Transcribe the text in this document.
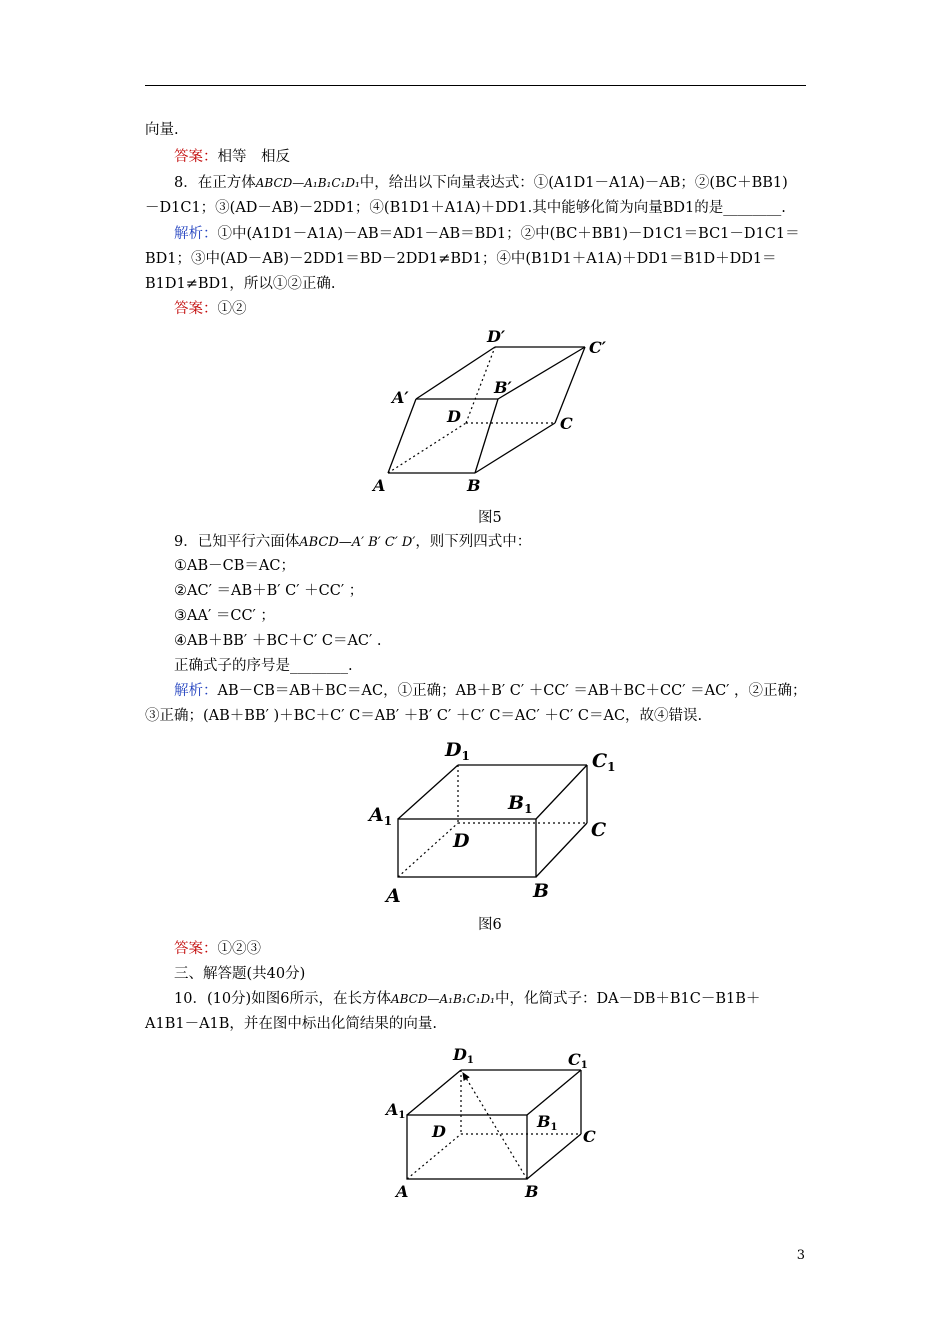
向量.
答案：相等　相反
8．在正方体ABCD—A₁B₁C₁D₁中，给出以下向量表达式：①(A1D1－A1A)－AB；②(BC＋BB1)
－D1C1；③(AD－AB)－2DD1；④(B1D1＋A1A)＋DD1.其中能够化简为向量BD1的是________.
解析：①中(A1D1－A1A)－AB＝AD1－AB＝BD1；②中(BC＋BB1)－D1C1＝BC1－D1C1＝
BD1；③中(AD－AB)－2DD1＝BD－2DD1≠BD1；④中(B1D1＋A1A)＋DD1＝B1D＋DD1＝
B1D1≠BD1，所以①②正确.
答案：①②
A	B
C
D
A′
B′
C′
D′
图5
9．已知平行六面体ABCD—A′ B′ C′ D′，则下列四式中：
①AB－CB＝AC；
②AC′ ＝AB＋B′ C′ ＋CC′ ；
③AA′ ＝CC′ ；
④AB＋BB′ ＋BC＋C′ C＝AC′ .
正确式子的序号是________.
解析：AB－CB＝AB＋BC＝AC，①正确；AB＋B′ C′ ＋CC′ ＝AB＋BC＋CC′ ＝AC′ ，②正确；
③正确；(AB＋BB′ )＋BC＋C′ C＝AB′ ＋B′ C′ ＋C′ C＝AC′ ＋C′ C＝AC，故④错误.
A	B
C
D
$A_1$
$B_1$
$C_1$
$D_1$
图6
答案：①②③
三、解答题(共40分)
10．(10分)如图6所示，在长方体ABCD—A₁B₁C₁D₁中，化简式子：DA－DB＋B1C－B1B＋
A1B1－A1B，并在图中标出化简结果的向量.
A	B
C
D
A1	B1
C1
D1
3
